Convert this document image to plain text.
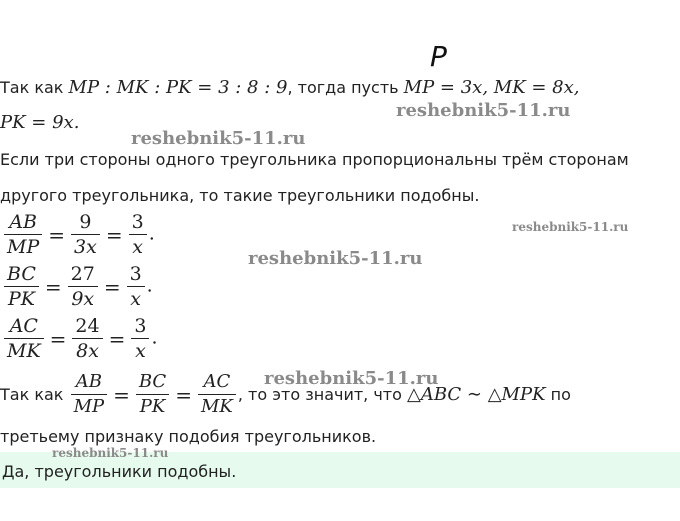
P
Так как MP : MK : PK = 3 : 8 : 9, тогда пусть MP = 3x, MK = 8x,
PK = 9x.
Если три стороны одного треугольника пропорциональны трём сторонам
другого треугольника, то такие треугольники подобны.
$\frac{AB}{MP} = \frac{9}{3x} = \frac{3}{x}$ .
$\frac{BC}{PK} = \frac{27}{9x} = \frac{3}{x}$ .
$\frac{AC}{MK} = \frac{24}{8x} = \frac{3}{x}$ .
Так как $\frac{AB}{MP} = \frac{BC}{PK} = \frac{AC}{MK}$ , то это значит, что △ABC ∼ △MPK по
третьему признаку подобия треугольников.
Да, треугольники подобны.
reshebnik5-11.ru
reshebnik5-11.ru
reshebnik5-11.ru
reshebnik5-11.ru
reshebnik5-11.ru
reshebnik5-11.ru
